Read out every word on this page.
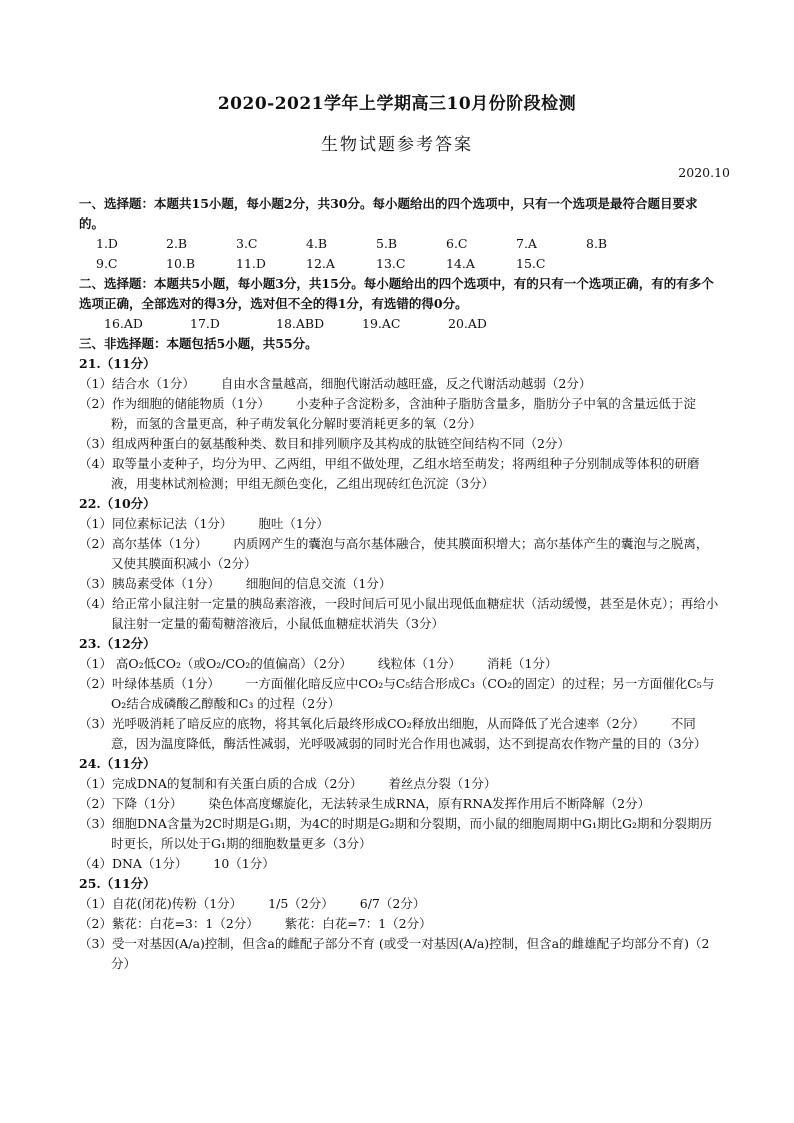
2020-2021学年上学期高三10月份阶段检测
生物试题参考答案
2020.10
一、选择题：本题共15小题，每小题2分，共30分。每小题给出的四个选项中，只有一个选项是最符合题目要求的。
1.D	2.B	3.C	4.B	5.B	6.C	7.A	8.B
9.C	10.B	11.D	12.A	13.C	14.A	15.C
二、选择题：本题共5小题，每小题3分，共15分。每小题给出的四个选项中，有的只有一个选项正确，有的有多个选项正确，全部选对的得3分，选对但不全的得1分，有选错的得0分。
16.AD	17.D	18.ABD	19.AC	20.AD
三、非选择题：本题包括5小题，共55分。
21.（11分）
（1）结合水（1分） 自由水含量越高，细胞代谢活动越旺盛，反之代谢活动越弱（2分）
（2）作为细胞的储能物质（1分） 小麦种子含淀粉多，含油种子脂肪含量多，脂肪分子中氧的含量远低于淀粉，而氢的含量更高，种子萌发氧化分解时要消耗更多的氧（2分）
（3）组成两种蛋白的氨基酸种类、数目和排列顺序及其构成的肽链空间结构不同（2分）
（4）取等量小麦种子，均分为甲、乙两组，甲组不做处理，乙组水培至萌发；将两组种子分别制成等体积的研磨液，用斐林试剂检测；甲组无颜色变化，乙组出现砖红色沉淀（3分）
22.（10分）
（1）同位素标记法（1分） 胞吐（1分）
（2）高尔基体（1分） 内质网产生的囊泡与高尔基体融合，使其膜面积增大；高尔基体产生的囊泡与之脱离，又使其膜面积减小（2分）
（3）胰岛素受体（1分） 细胞间的信息交流（1分）
（4）给正常小鼠注射一定量的胰岛素溶液，一段时间后可见小鼠出现低血糖症状（活动缓慢，甚至是休克）；再给小鼠注射一定量的葡萄糖溶液后，小鼠低血糖症状消失（3分）
23.（12分）
（1） 高O₂低CO₂（或O₂/CO₂的值偏高）（2分） 线粒体（1分） 消耗（1分）
（2）叶绿体基质（1分） 一方面催化暗反应中CO₂与C₅结合形成C₃（CO₂的固定）的过程；另一方面催化C₅与O₂结合成磷酸乙醇酸和C₃ 的过程（2分）
（3）光呼吸消耗了暗反应的底物，将其氧化后最终形成CO₂释放出细胞，从而降低了光合速率（2分） 不同意，因为温度降低，酶活性减弱，光呼吸减弱的同时光合作用也减弱，达不到提高农作物产量的目的（3分）
24.（11分）
（1）完成DNA的复制和有关蛋白质的合成（2分） 着丝点分裂（1分）
（2）下降（1分） 染色体高度螺旋化，无法转录生成RNA，原有RNA发挥作用后不断降解（2分）
（3）细胞DNA含量为2C时期是G₁期，为4C的时期是G₂期和分裂期，而小鼠的细胞周期中G₁期比G₂期和分裂期历时更长，所以处于G₁期的细胞数量更多（3分）
（4）DNA（1分） 10（1分）
25.（11分）
（1）自花(闭花)传粉（1分） 1/5（2分） 6/7（2分）
（2）紫花：白花=3：1（2分） 紫花：白花=7：1（2分）
（3）受一对基因(A/a)控制，但含a的雌配子部分不育 (或受一对基因(A/a)控制，但含a的雌雄配子均部分不育)（2分）
